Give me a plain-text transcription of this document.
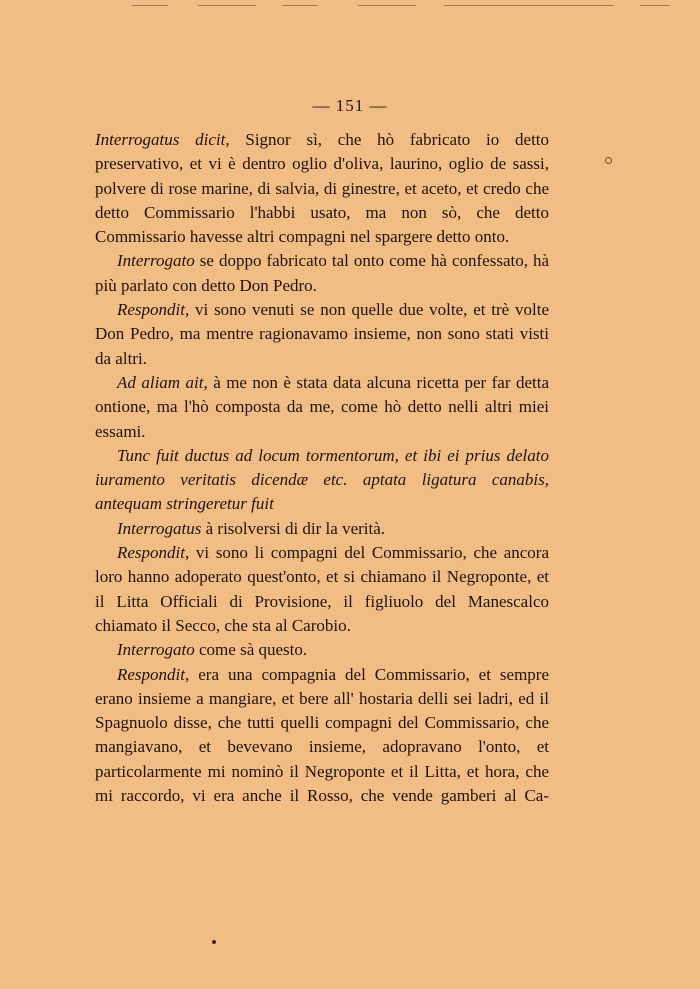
— 151 —

Interrogatus dicit, Signor sì, che hò fabricato io detto preservativo, et vi è dentro oglio d'oliva, laurino, oglio de sassi, polvere di rose marine, di salvia, di ginestre, et aceto, et credo che detto Commissario l'habbi usato, ma non sò, che detto Commissario havesse altri compagni nel spargere detto onto.

Interrogato se doppo fabricato tal onto come hà confessato, hà più parlato con detto Don Pedro.

Respondit, vi sono venuti se non quelle due volte, et trè volte Don Pedro, ma mentre ragionavamo insieme, non sono stati visti da altri.

Ad aliam ait, à me non è stata data alcuna ricetta per far detta ontione, ma l'hò composta da me, come hò detto nelli altri miei essami.

Tunc fuit ductus ad locum tormentorum, et ibi ei prius delato iuramento veritatis dicendæ etc. aptata ligatura canabis, antequam stringeretur fuit

Interrogatus à risolversi di dir la verità.

Respondit, vi sono li compagni del Commissario, che ancora loro hanno adoperato quest'onto, et si chiamano il Negroponte, et il Litta Officiali di Provisione, il figliuolo del Manescalco chiamato il Secco, che sta al Carobio.

Interrogato come sà questo.

Respondit, era una compagnia del Commissario, et sempre erano insieme a mangiare, et bere all' hostaria delli sei ladri, ed il Spagnuolo disse, che tutti quelli compagni del Commissario, che mangiavano, et bevevano insieme, adopravano l'onto, et particolarmente mi nominò il Negroponte et il Litta, et hora, che mi raccordo, vi era anche il Rosso, che vende gamberi al Ca-
